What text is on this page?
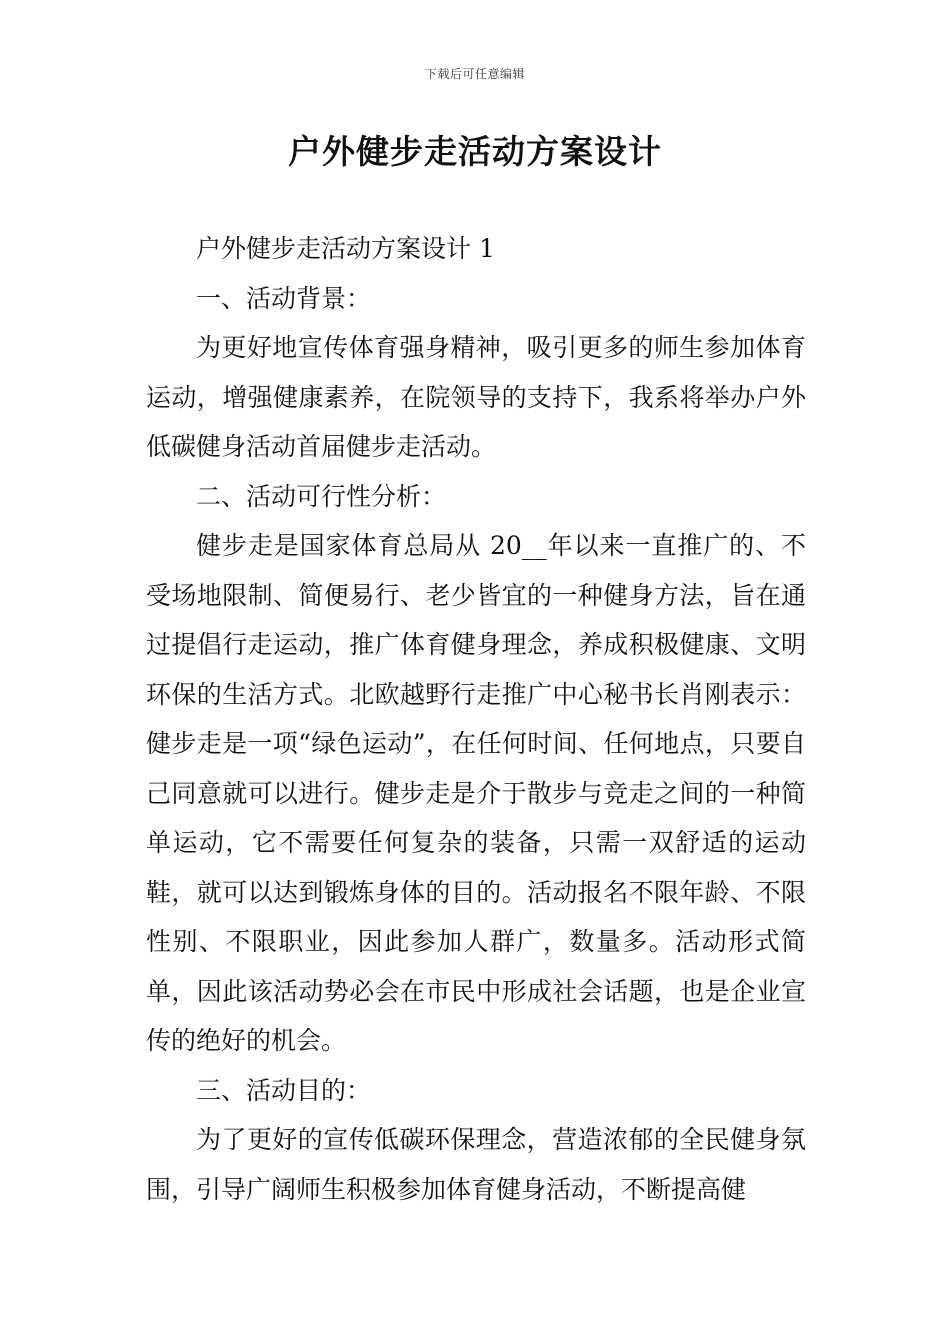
下载后可任意编辑
户外健步走活动方案设计

户外健步走活动方案设计 1

一、活动背景：

为更好地宣传体育强身精神，吸引更多的师生参加体育运动，增强健康素养，在院领导的支持下，我系将举办户外低碳健身活动首届健步走活动。

二、活动可行性分析：

健步走是国家体育总局从 20__年以来一直推广的、不受场地限制、简便易行、老少皆宜的一种健身方法，旨在通过提倡行走运动，推广体育健身理念，养成积极健康、文明环保的生活方式。北欧越野行走推广中心秘书长肖刚表示：健步走是一项“绿色运动”，在任何时间、任何地点，只要自己同意就可以进行。健步走是介于散步与竞走之间的一种简单运动，它不需要任何复杂的装备，只需一双舒适的运动鞋，就可以达到锻炼身体的目的。活动报名不限年龄、不限性别、不限职业，因此参加人群广，数量多。活动形式简单，因此该活动势必会在市民中形成社会话题，也是企业宣传的绝好的机会。

三、活动目的：

为了更好的宣传低碳环保理念，营造浓郁的全民健身氛围，引导广阔师生积极参加体育健身活动，不断提高健
